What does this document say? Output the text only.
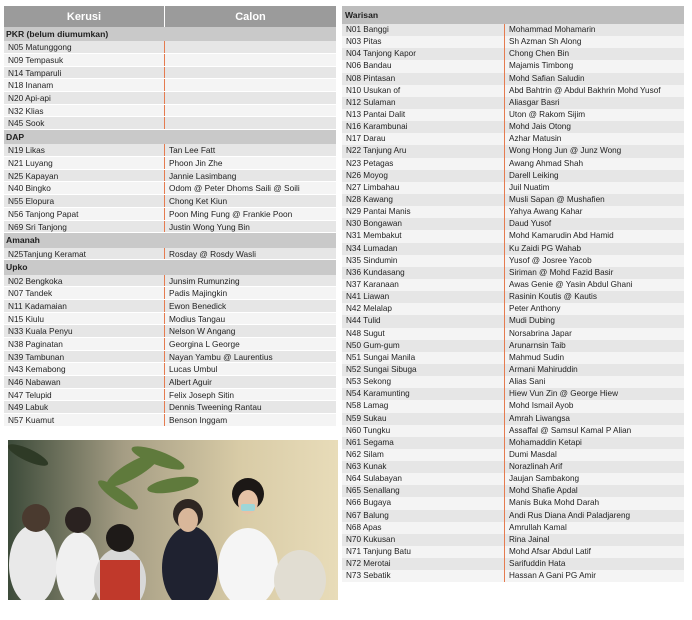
Kerusi	Calon
PKR (belum diumumkan)
N05 Matunggong
N09 Tempasuk
N14 Tamparuli
N18 Inanam
N20 Api-api
N32 Klias
N45 Sook
DAP
N19 Likas	Tan Lee Fatt
N21 Luyang	Phoon Jin Zhe
N25 Kapayan	Jannie Lasimbang
N40 Bingko	Odom @ Peter Dhoms Saili @ Soili
N55 Elopura	Chong Ket Kiun
N56 Tanjong Papat	Poon Ming Fung @ Frankie Poon
N69 Sri Tanjong	Justin Wong Yung Bin
Amanah
N25Tanjung Keramat	Rosday @ Rosdy Wasli
Upko
N02 Bengkoka	Junsim Rumunzing
N07 Tandek	Padis Majingkin
N11 Kadamaian	Ewon Benedick
N15 Kiulu	Modius Tangau
N33 Kuala Penyu	Nelson W Angang
N38 Paginatan	Georgina L George
N39 Tambunan	Nayan Yambu @ Laurentius
N43 Kemabong	Lucas Umbul
N46 Nabawan	Albert Aguir
N47 Telupid	Felix Joseph Sitin
N49 Labuk	Dennis Tweening Rantau
N57 Kuamut	Benson Inggam
Warisan
N01 Banggi	Mohammad Mohamarin
N03 Pitas	Sh Azman Sh Along
N04 Tanjong Kapor	Chong Chen Bin
N06 Bandau	Majamis Timbong
N08 Pintasan	Mohd Safian Saludin
N10 Usukan of	Abd Bahtrin @ Abdul Bakhrin Mohd Yusof
N12 Sulaman	Aliasgar Basri
N13 Pantai Dalit	Uton @ Rakom Sijim
N16 Karambunai	Mohd Jais Otong
N17 Darau	Azhar Matusin
N22 Tanjung Aru	Wong Hong Jun @ Junz Wong
N23 Petagas	Awang Ahmad Shah
N26 Moyog	Darell Leiking
N27 Limbahau	Juil Nuatim
N28 Kawang	Musli Sapan @ Mushafien
N29 Pantai Manis	Yahya Awang Kahar
N30 Bongawan	Daud Yusof
N31 Membakut	Mohd Kamarudin Abd Hamid
N34 Lumadan	Ku Zaidi PG Wahab
N35 Sindumin	Yusof @ Josree Yacob
N36 Kundasang	Siriman @ Mohd Fazid Basir
N37 Karanaan	Awas Genie @ Yasin Abdul Ghani
N41 Liawan	Rasinin Koutis @ Kautis
N42 Melalap	Peter Anthony
N44 Tulid	Mudi Dubing
N48 Sugut	Norsabrina Japar
N50 Gum-gum	Arunarnsin Taib
N51 Sungai Manila	Mahmud Sudin
N52 Sungai Sibuga	Armani Mahiruddin
N53 Sekong	Alias Sani
N54 Karamunting	Hiew Vun Zin @ George Hiew
N58 Lamag	Mohd Ismail Ayob
N59 Sukau	Amrah Liwangsa
N60 Tungku	Assaffal @ Samsul Kamal P Alian
N61 Segama	Mohamaddin Ketapi
N62 Silam	Dumi Masdal
N63 Kunak	Norazlinah Arif
N64 Sulabayan	Jaujan Sambakong
N65 Senallang	Mohd Shafie Apdal
N66 Bugaya	Manis Buka Mohd Darah
N67 Balung	Andi Rus Diana Andi Paladjareng
N68 Apas	Amrullah Kamal
N70 Kukusan	Rina Jainal
N71 Tanjung Batu	Mohd Afsar Abdul Latif
N72 Merotai	Sarifuddin Hata
N73 Sebatik	Hassan A Gani PG Amir
